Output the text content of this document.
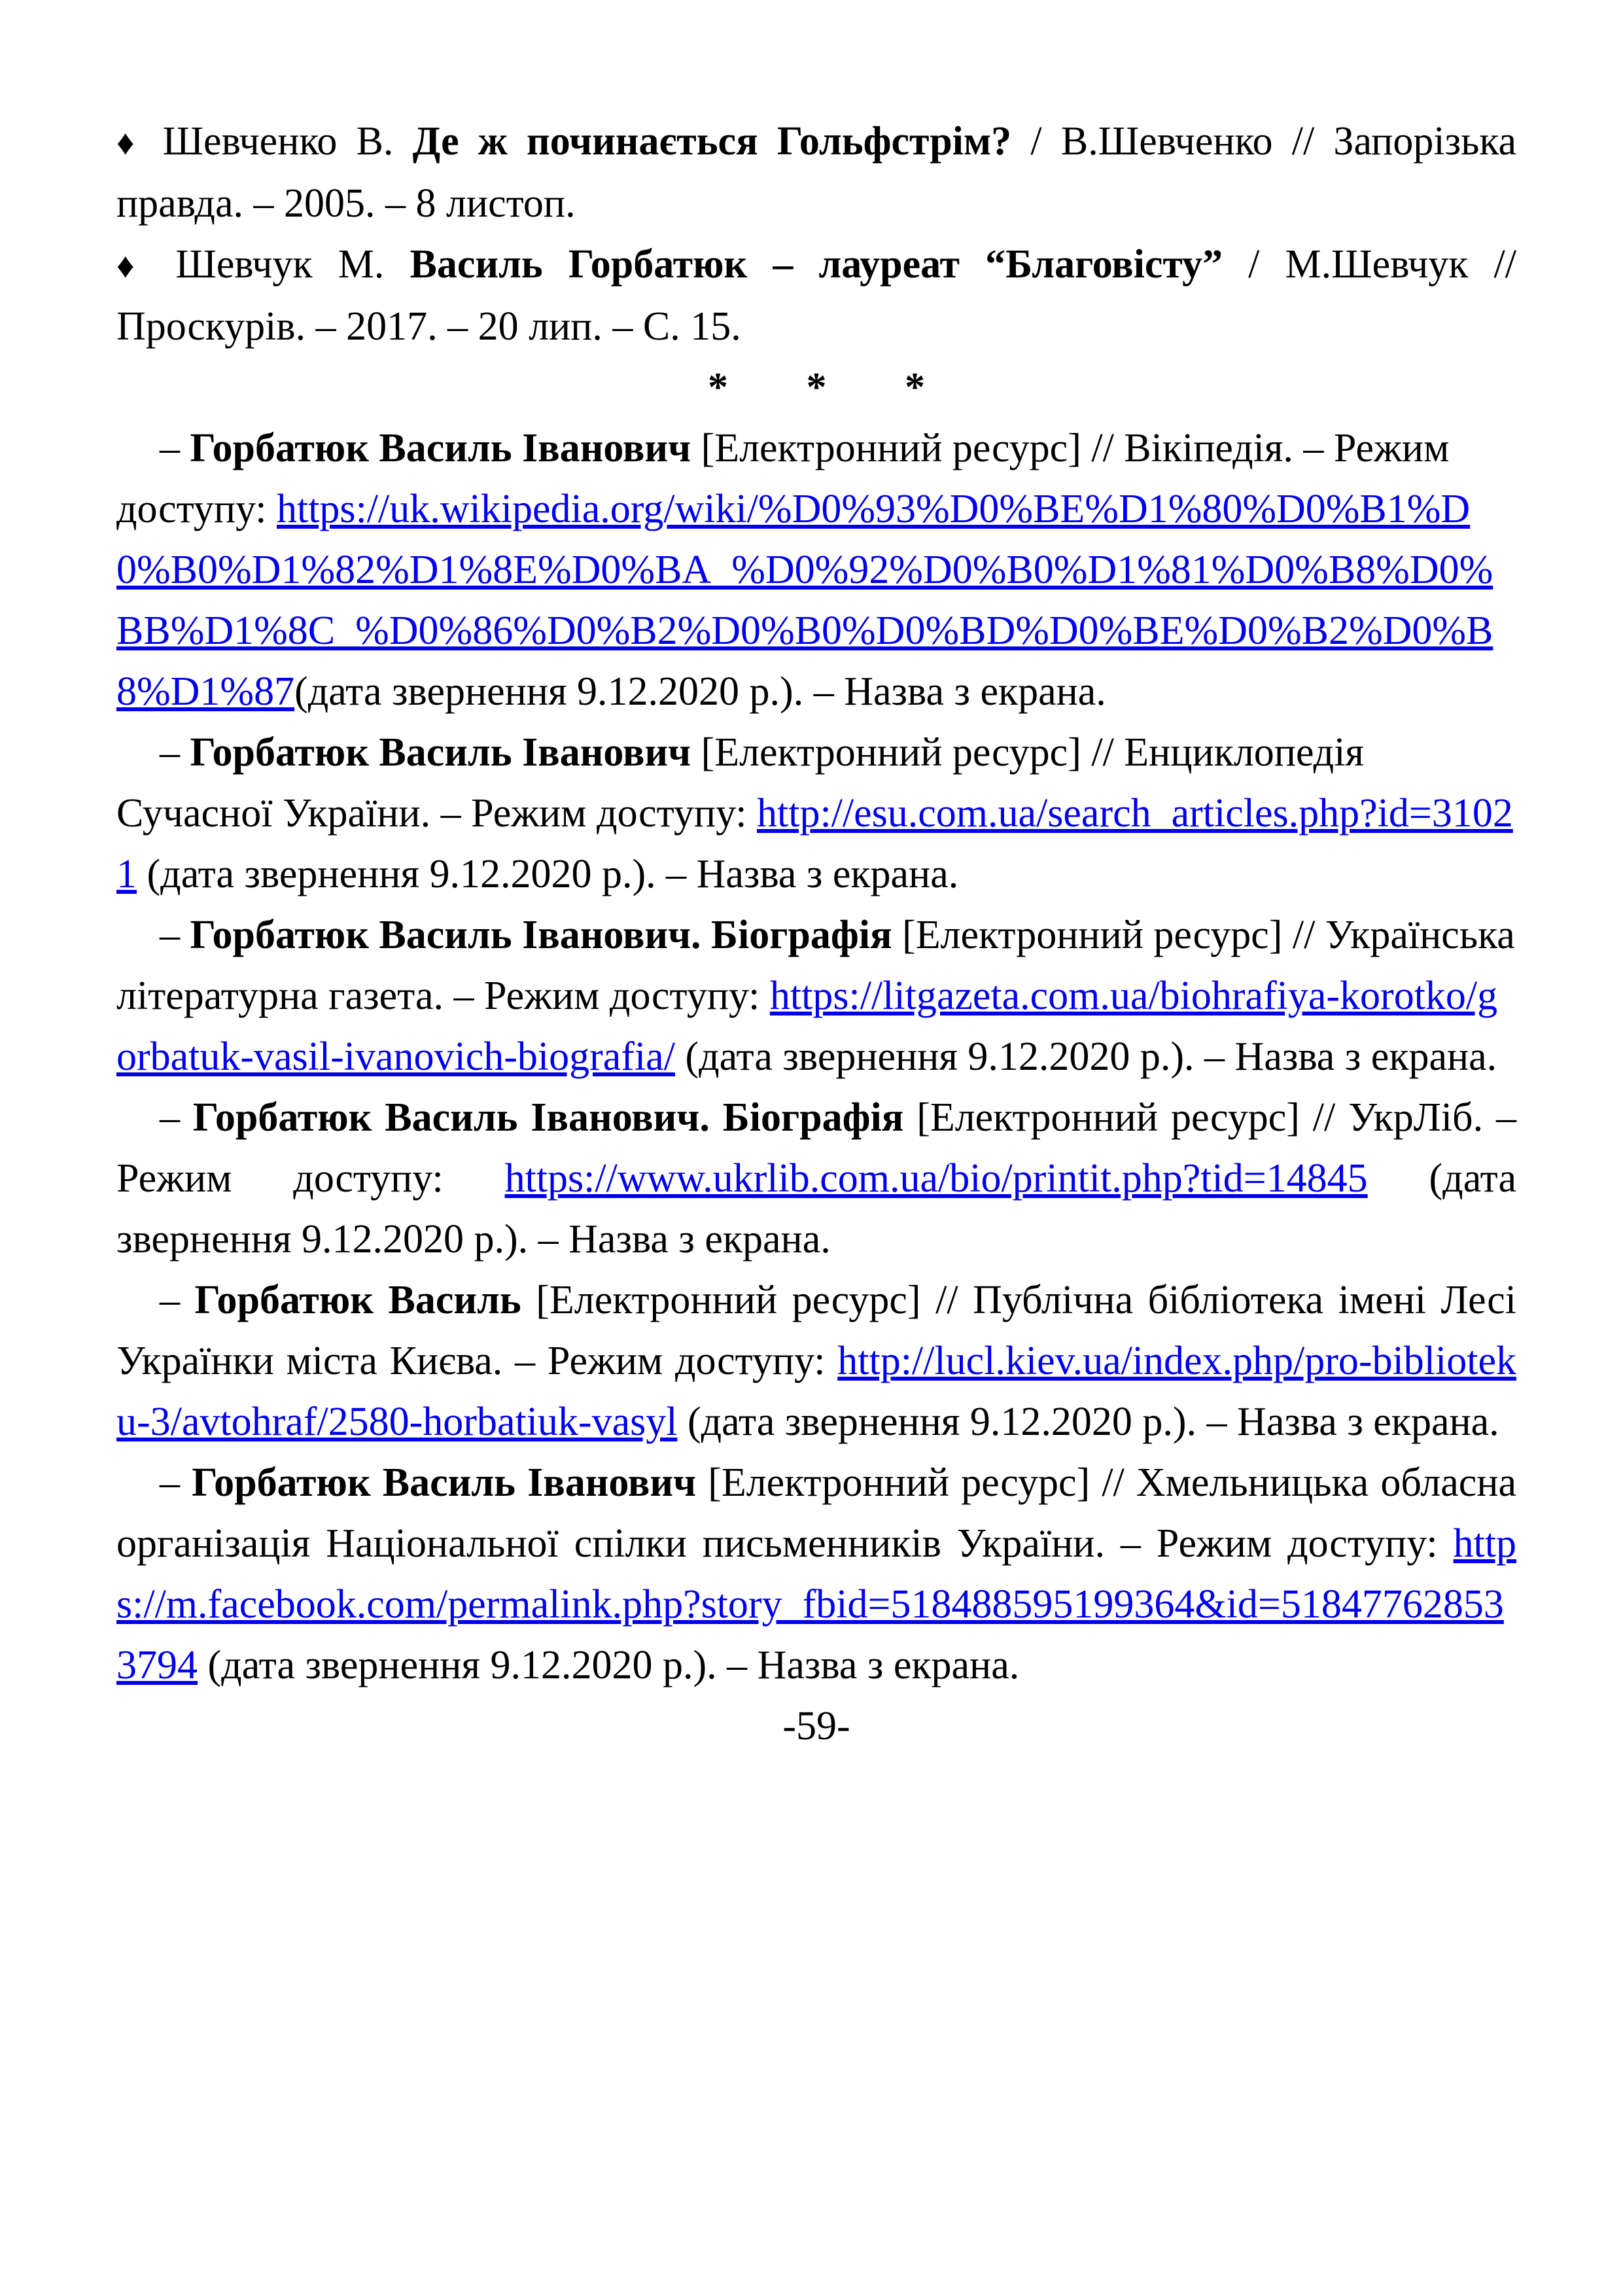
♦ Шевченко В. Де ж починається Гольфстрім? / В.Шевченко // Запорізька правда. – 2005. – 8 листоп.

♦ Шевчук М. Василь Горбатюк – лауреат “Благовісту” / М.Шевчук // Проскурів. – 2017. – 20 лип. – С. 15.

* * *

– Горбатюк Василь Іванович [Електронний ресурс] // Вікіпедія. – Режим доступу: https://uk.wikipedia.org/wiki/%D0%93%D0%BE%D1%80%D0%B1%D0%B0%D1%82%D1%8E%D0%BA_%D0%92%D0%B0%D1%81%D0%B8%D0%BB%D1%8C_%D0%86%D0%B2%D0%B0%D0%BD%D0%BE%D0%B2%D0%B8%D1%87(дата звернення 9.12.2020 р.). – Назва з екрана.

– Горбатюк Василь Іванович [Електронний ресурс] // Енциклопедія Сучасної України. – Режим доступу: http://esu.com.ua/search_articles.php?id=31021 (дата звернення 9.12.2020 р.). – Назва з екрана.

– Горбатюк Василь Іванович. Біографія [Електронний ресурс] // Українська літературна газета. – Режим доступу: https://litgazeta.com.ua/biohrafiya-korotko/gorbatuk-vasil-ivanovich-biografia/ (дата звернення 9.12.2020 р.). – Назва з екрана.

– Горбатюк Василь Іванович. Біографія [Електронний ресурс] // УкрЛіб. – Режим доступу: https://www.ukrlib.com.ua/bio/printit.php?tid=14845 (дата звернення 9.12.2020 р.). – Назва з екрана.

– Горбатюк Василь [Електронний ресурс] // Публічна бібліотека імені Лесі Українки міста Києва. – Режим доступу: http://lucl.kiev.ua/index.php/pro-biblioteku-3/avtohraf/2580-horbatiuk-vasyl (дата звернення 9.12.2020 р.). – Назва з екрана.

– Горбатюк Василь Іванович [Електронний ресурс] // Хмельницька обласна організація Національної спілки письменників України. – Режим доступу: https://m.facebook.com/permalink.php?story_fbid=518488595199364&id=518477628533794 (дата звернення 9.12.2020 р.). – Назва з екрана.

-59-
